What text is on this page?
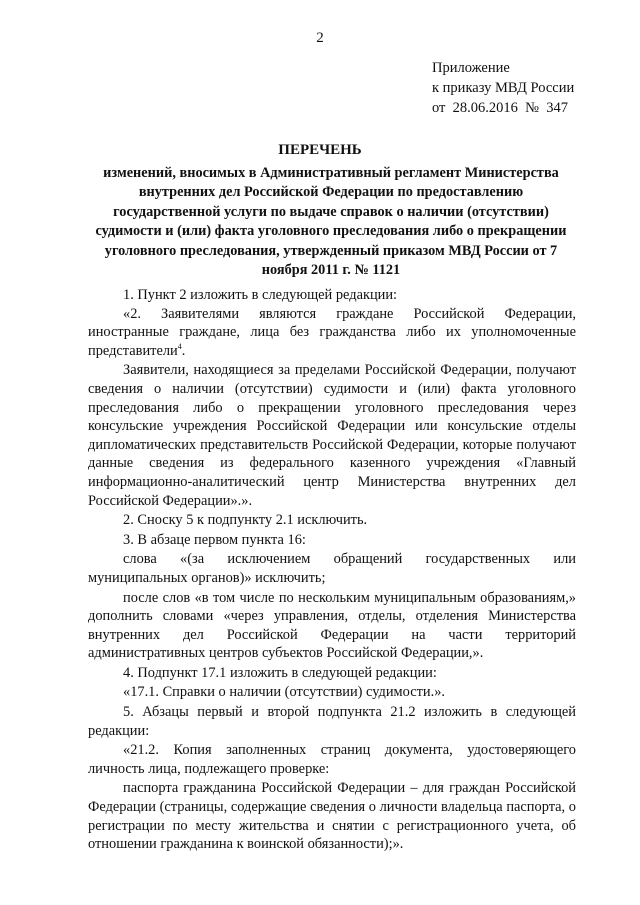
2
Приложение
к приказу МВД России
от  28.06.2016  №  347
ПЕРЕЧЕНЬ
изменений, вносимых в Административный регламент Министерства внутренних дел Российской Федерации по предоставлению государственной услуги по выдаче справок о наличии (отсутствии) судимости и (или) факта уголовного преследования либо о прекращении уголовного преследования, утвержденный приказом МВД России от 7 ноября 2011 г. № 1121

1. Пункт 2 изложить в следующей редакции:

«2. Заявителями являются граждане Российской Федерации, иностранные граждане, лица без гражданства либо их уполномоченные представители$^4$.

Заявители, находящиеся за пределами Российской Федерации, получают сведения о наличии (отсутствии) судимости и (или) факта уголовного преследования либо о прекращении уголовного преследования через консульские учреждения Российской Федерации или консульские отделы дипломатических представительств Российской Федерации, которые получают данные сведения из федерального казенного учреждения «Главный информационно-аналитический центр Министерства внутренних дел Российской Федерации».».

2. Сноску 5 к подпункту 2.1 исключить.

3. В абзаце первом пункта 16:

слова «(за исключением обращений государственных или муниципальных органов)» исключить;

после слов «в том числе по нескольким муниципальным образованиям,» дополнить словами «через управления, отделы, отделения Министерства внутренних дел Российской Федерации на части территорий административных центров субъектов Российской Федерации,».

4. Подпункт 17.1 изложить в следующей редакции:

«17.1. Справки о наличии (отсутствии) судимости.».

5. Абзацы первый и второй подпункта 21.2 изложить в следующей редакции:

«21.2. Копия заполненных страниц документа, удостоверяющего личность лица, подлежащего проверке:

паспорта гражданина Российской Федерации – для граждан Российской Федерации (страницы, содержащие сведения о личности владельца паспорта, о регистрации по месту жительства и снятии с регистрационного учета, об отношении гражданина к воинской обязанности);».
